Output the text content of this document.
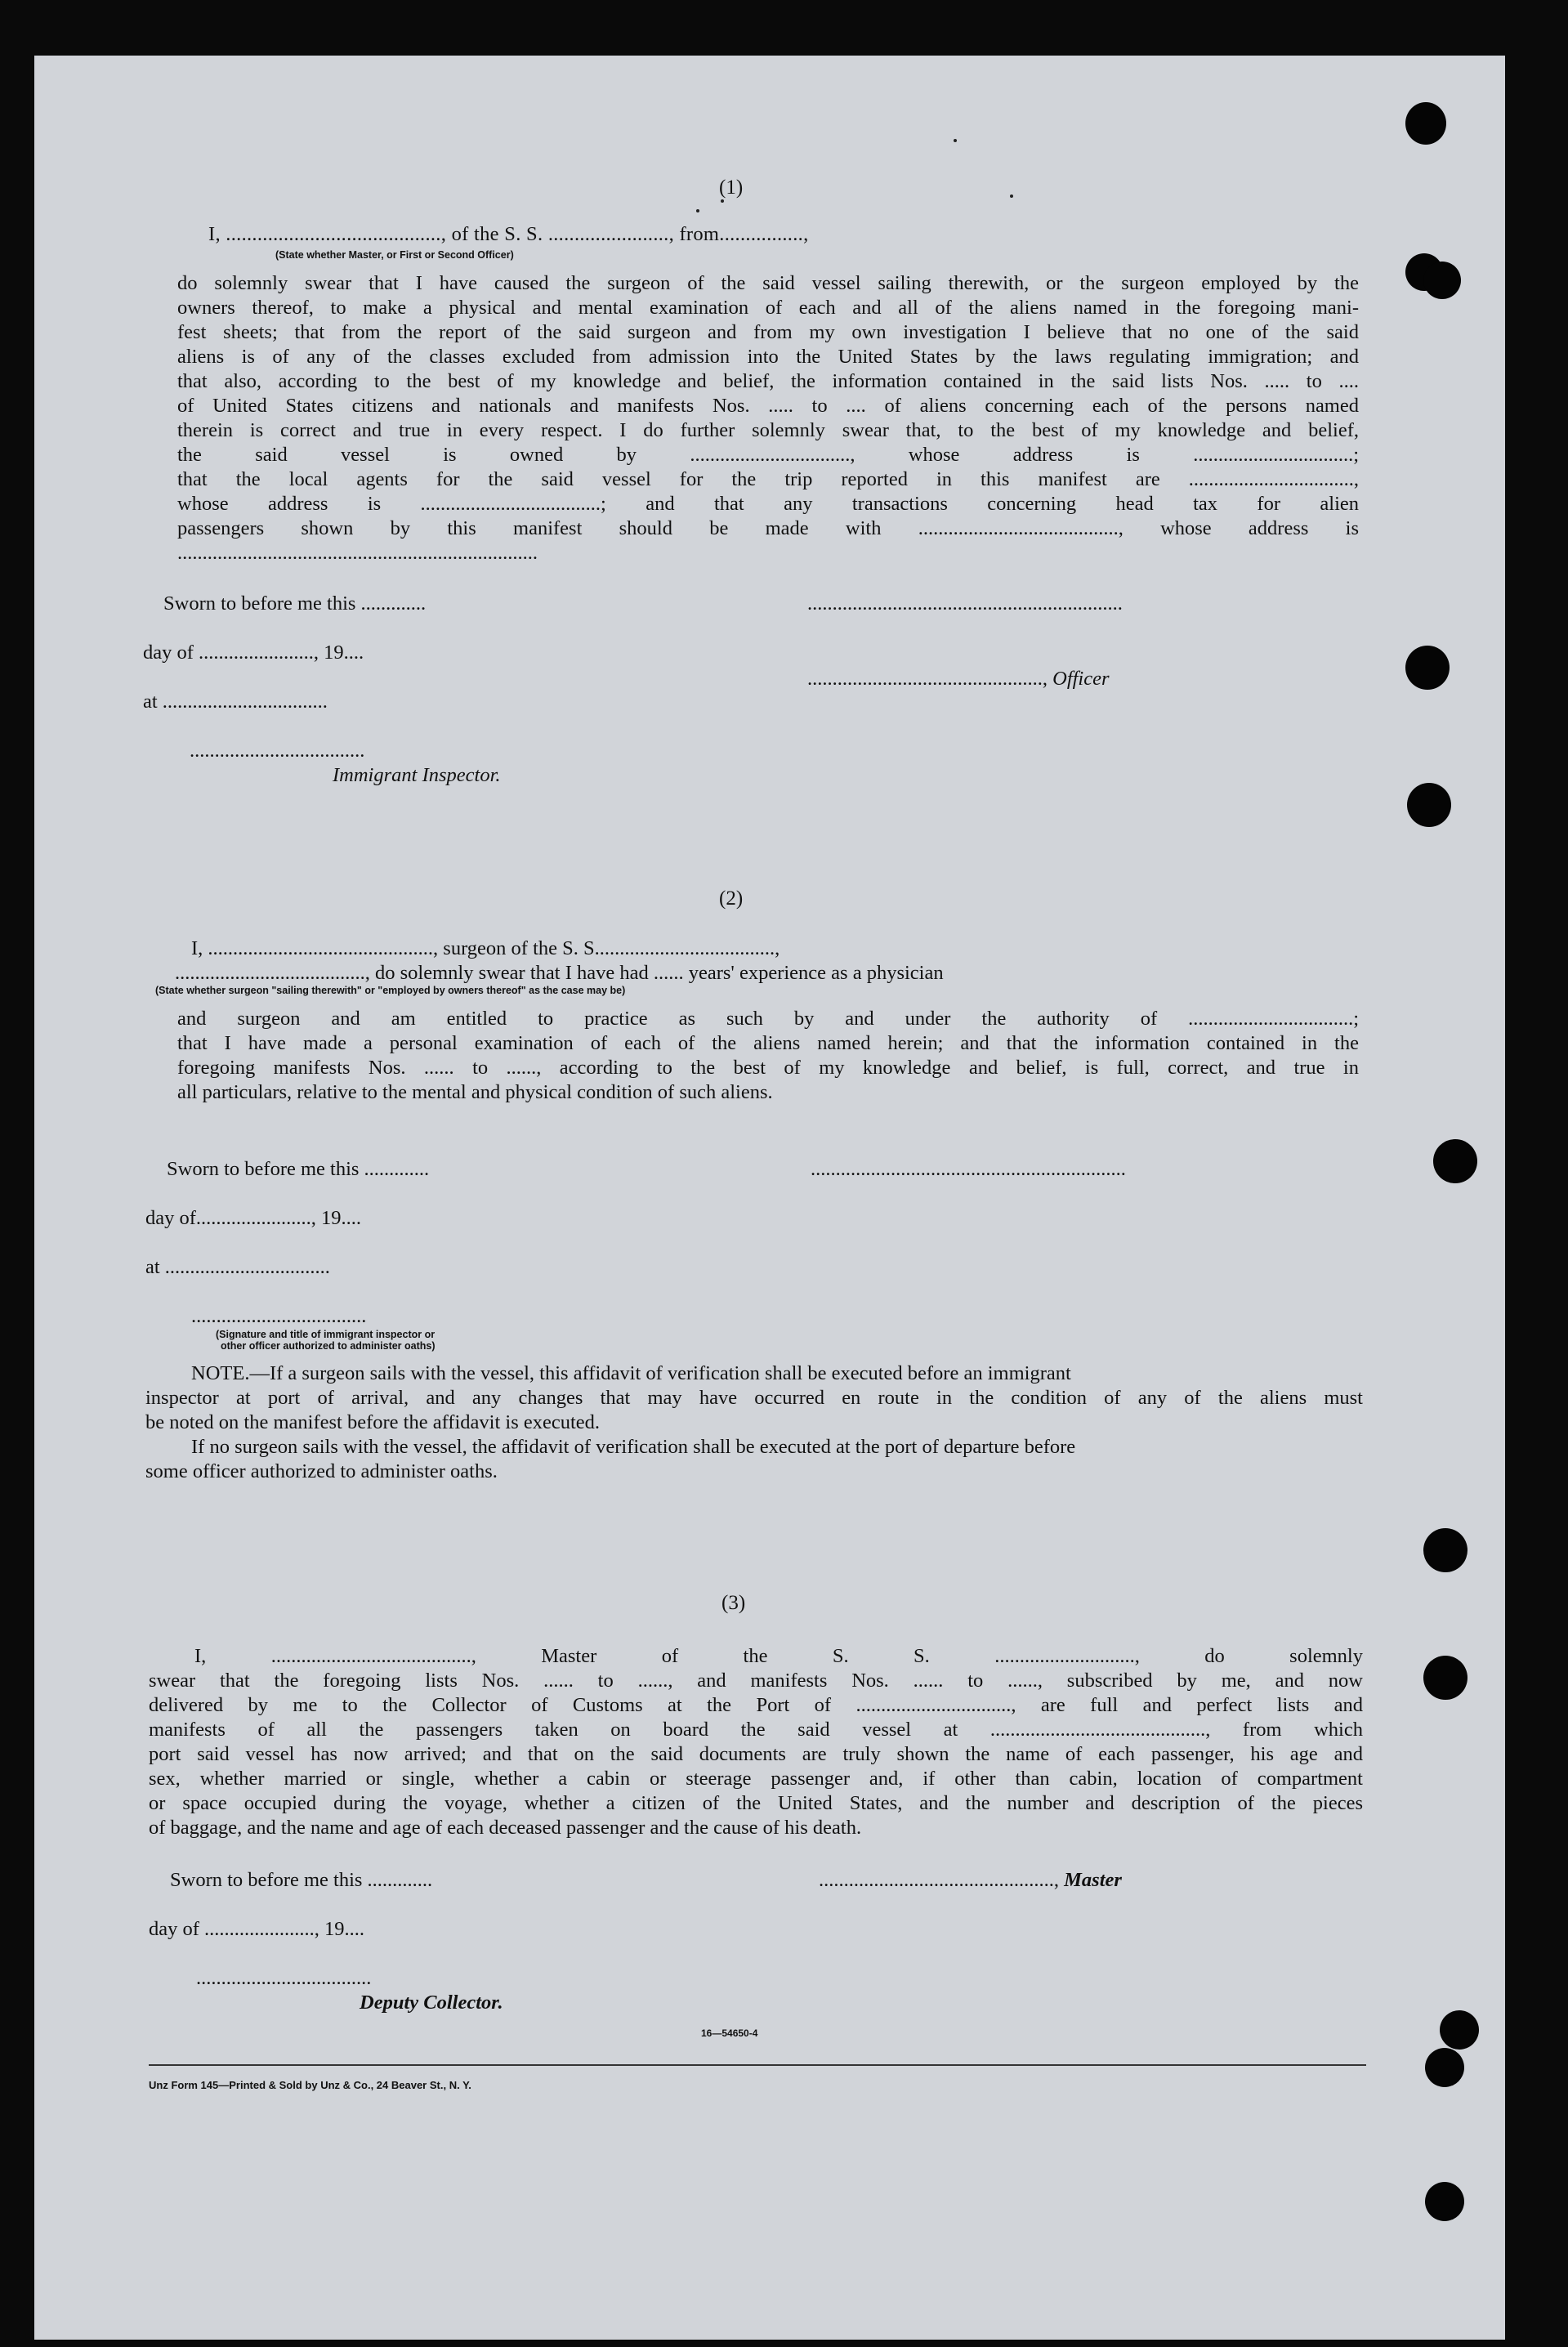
(1)
I, ........................................., of the S. S. ......................., from................,
(State whether Master, or First or Second Officer)
do solemnly swear that I have caused the surgeon of the said vessel sailing therewith, or the surgeon employed by the
owners thereof, to make a physical and mental examination of each and all of the aliens named in the foregoing mani-
fest sheets; that from the report of the said surgeon and from my own investigation I believe that no one of the said
aliens is of any of the classes excluded from admission into the United States by the laws regulating immigration; and
that also, according to the best of my knowledge and belief, the information contained in the said lists Nos. ..... to ....
of United States citizens and nationals and manifests Nos. ..... to .... of aliens concerning each of the persons named
therein is correct and true in every respect. I do further solemnly swear that, to the best of my knowledge and belief,
the said vessel is owned by ................................, whose address is ................................;
that the local agents for the said vessel for the trip reported in this manifest are .................................,
whose address is ....................................; and that any transactions concerning head tax for alien
passengers shown by this manifest should be made with ........................................, whose address is
........................................................................
Sworn to before me this .............	...............................................................
day of ......................., 19....
at .................................
..............................................., Officer
...................................
Immigrant Inspector.
(2)
I, ............................................., surgeon of the S. S....................................,
......................................, do solemnly swear that I have had ...... years' experience as a physician
(State whether surgeon "sailing therewith" or "employed by owners thereof" as the case may be)
and surgeon and am entitled to practice as such by and under the authority of .................................;
that I have made a personal examination of each of the aliens named herein; and that the information contained in the
foregoing manifests Nos. ...... to ......, according to the best of my knowledge and belief, is full, correct, and true in
all particulars, relative to the mental and physical condition of such aliens.
Sworn to before me this .............	...............................................................
day of......................., 19....
at .................................
...................................
(Signature and title of immigrant inspector or
other officer authorized to administer oaths)
NOTE.—If a surgeon sails with the vessel, this affidavit of verification shall be executed before an immigrant
inspector at port of arrival, and any changes that may have occurred en route in the condition of any of the aliens must
be noted on the manifest before the affidavit is executed.
If no surgeon sails with the vessel, the affidavit of verification shall be executed at the port of departure before
some officer authorized to administer oaths.
(3)
I, ........................................, Master of the S. S. ............................, do solemnly
swear that the foregoing lists Nos. ...... to ......, and manifests Nos. ...... to ......, subscribed by me, and now
delivered by me to the Collector of Customs at the Port of ..............................., are full and perfect lists and
manifests of all the passengers taken on board the said vessel at ..........................................., from which
port said vessel has now arrived; and that on the said documents are truly shown the name of each passenger, his age and
sex, whether married or single, whether a cabin or steerage passenger and, if other than cabin, location of compartment
or space occupied during the voyage, whether a citizen of the United States, and the number and description of the pieces
of baggage, and the name and age of each deceased passenger and the cause of his death.
Sworn to before me this .............	..............................................., Master
day of ......................, 19....
...................................
Deputy Collector.
16—54650-4
Unz Form 145—Printed & Sold by Unz & Co., 24 Beaver St., N. Y.
